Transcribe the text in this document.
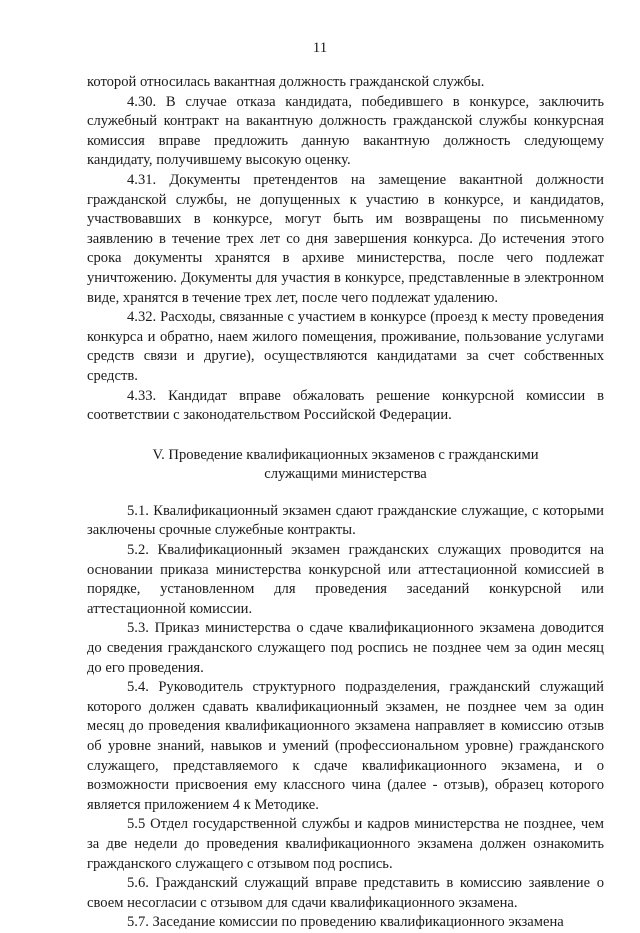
11

которой относилась вакантная должность гражданской службы.

4.30. В случае отказа кандидата, победившего в конкурсе, заключить служебный контракт на вакантную должность гражданской службы конкурсная комиссия вправе предложить данную вакантную должность следующему кандидату, получившему высокую оценку.

4.31. Документы претендентов на замещение вакантной должности гражданской службы, не допущенных к участию в конкурсе, и кандидатов, участвовавших в конкурсе, могут быть им возвращены по письменному заявлению в течение трех лет со дня завершения конкурса. До истечения этого срока документы хранятся в архиве министерства, после чего подлежат уничтожению. Документы для участия в конкурсе, представленные в электронном виде, хранятся в течение трех лет, после чего подлежат удалению.

4.32. Расходы, связанные с участием в конкурсе (проезд к месту проведения конкурса и обратно, наем жилого помещения, проживание, пользование услугами средств связи и другие), осуществляются кандидатами за счет собственных средств.

4.33. Кандидат вправе обжаловать решение конкурсной комиссии в соответствии с законодательством Российской Федерации.

V. Проведение квалификационных экзаменов с гражданскими
служащими министерства

5.1. Квалификационный экзамен сдают гражданские служащие, с которыми заключены срочные служебные контракты.

5.2. Квалификационный экзамен гражданских служащих проводится на основании приказа министерства конкурсной или аттестационной комиссией в порядке, установленном для проведения заседаний конкурсной или аттестационной комиссии.

5.3. Приказ министерства о сдаче квалификационного экзамена доводится до сведения гражданского служащего под роспись не позднее чем за один месяц до его проведения.

5.4. Руководитель структурного подразделения, гражданский служащий которого должен сдавать квалификационный экзамен, не позднее чем за один месяц до проведения квалификационного экзамена направляет в комиссию отзыв об уровне знаний, навыков и умений (профессиональном уровне) гражданского служащего, представляемого к сдаче квалификационного экзамена, и о возможности присвоения ему классного чина (далее - отзыв), образец которого является приложением 4 к Методике.

5.5 Отдел государственной службы и кадров министерства не позднее, чем за две недели до проведения квалификационного экзамена должен ознакомить гражданского служащего с отзывом под роспись.

5.6. Гражданский служащий вправе представить в комиссию заявление о своем несогласии с отзывом для сдачи квалификационного экзамена.

5.7. Заседание комиссии по проведению квалификационного экзамена
